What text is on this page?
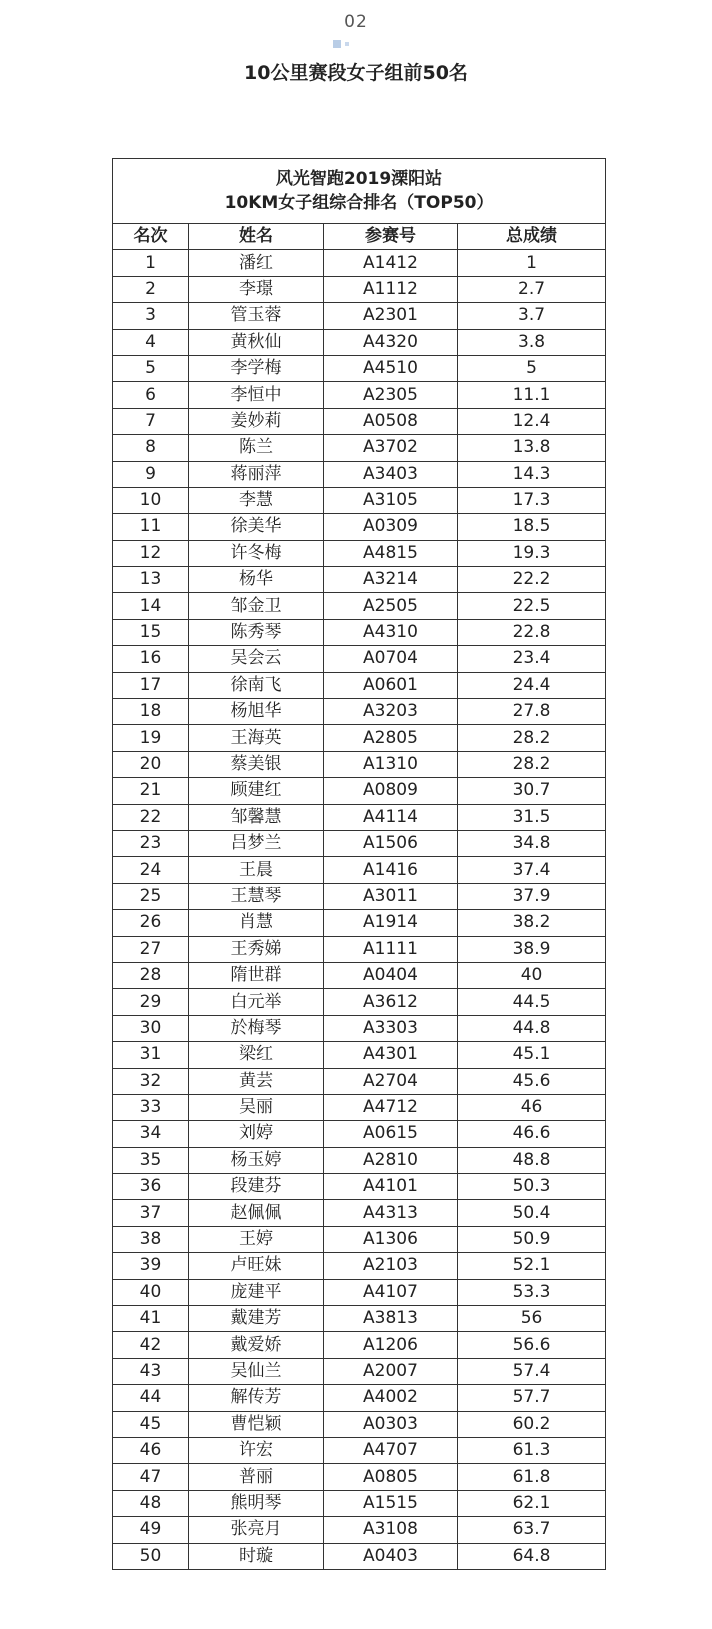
02
10公里赛段女子组前50名
风光智跑2019溧阳站
10KM女子组综合排名（TOP50）			

名次	姓名	参赛号	总成绩
1	潘红	A1412	1
2	李璟	A1112	2.7
3	管玉蓉	A2301	3.7
4	黄秋仙	A4320	3.8
5	李学梅	A4510	5
6	李恒中	A2305	11.1
7	姜妙莉	A0508	12.4
8	陈兰	A3702	13.8
9	蒋丽萍	A3403	14.3
10	李慧	A3105	17.3
11	徐美华	A0309	18.5
12	许冬梅	A4815	19.3
13	杨华	A3214	22.2
14	邹金卫	A2505	22.5
15	陈秀琴	A4310	22.8
16	吴会云	A0704	23.4
17	徐南飞	A0601	24.4
18	杨旭华	A3203	27.8
19	王海英	A2805	28.2
20	蔡美银	A1310	28.2
21	顾建红	A0809	30.7
22	邹馨慧	A4114	31.5
23	吕梦兰	A1506	34.8
24	王晨	A1416	37.4
25	王慧琴	A3011	37.9
26	肖慧	A1914	38.2
27	王秀娣	A1111	38.9
28	隋世群	A0404	40
29	白元举	A3612	44.5
30	於梅琴	A3303	44.8
31	梁红	A4301	45.1
32	黄芸	A2704	45.6
33	吴丽	A4712	46
34	刘婷	A0615	46.6
35	杨玉婷	A2810	48.8
36	段建芬	A4101	50.3
37	赵佩佩	A4313	50.4
38	王婷	A1306	50.9
39	卢旺妹	A2103	52.1
40	庞建平	A4107	53.3
41	戴建芳	A3813	56
42	戴爱娇	A1206	56.6
43	吴仙兰	A2007	57.4
44	解传芳	A4002	57.7
45	曹恺颖	A0303	60.2
46	许宏	A4707	61.3
47	普丽	A0805	61.8
48	熊明琴	A1515	62.1
49	张亮月	A3108	63.7
50	时璇	A0403	64.8
